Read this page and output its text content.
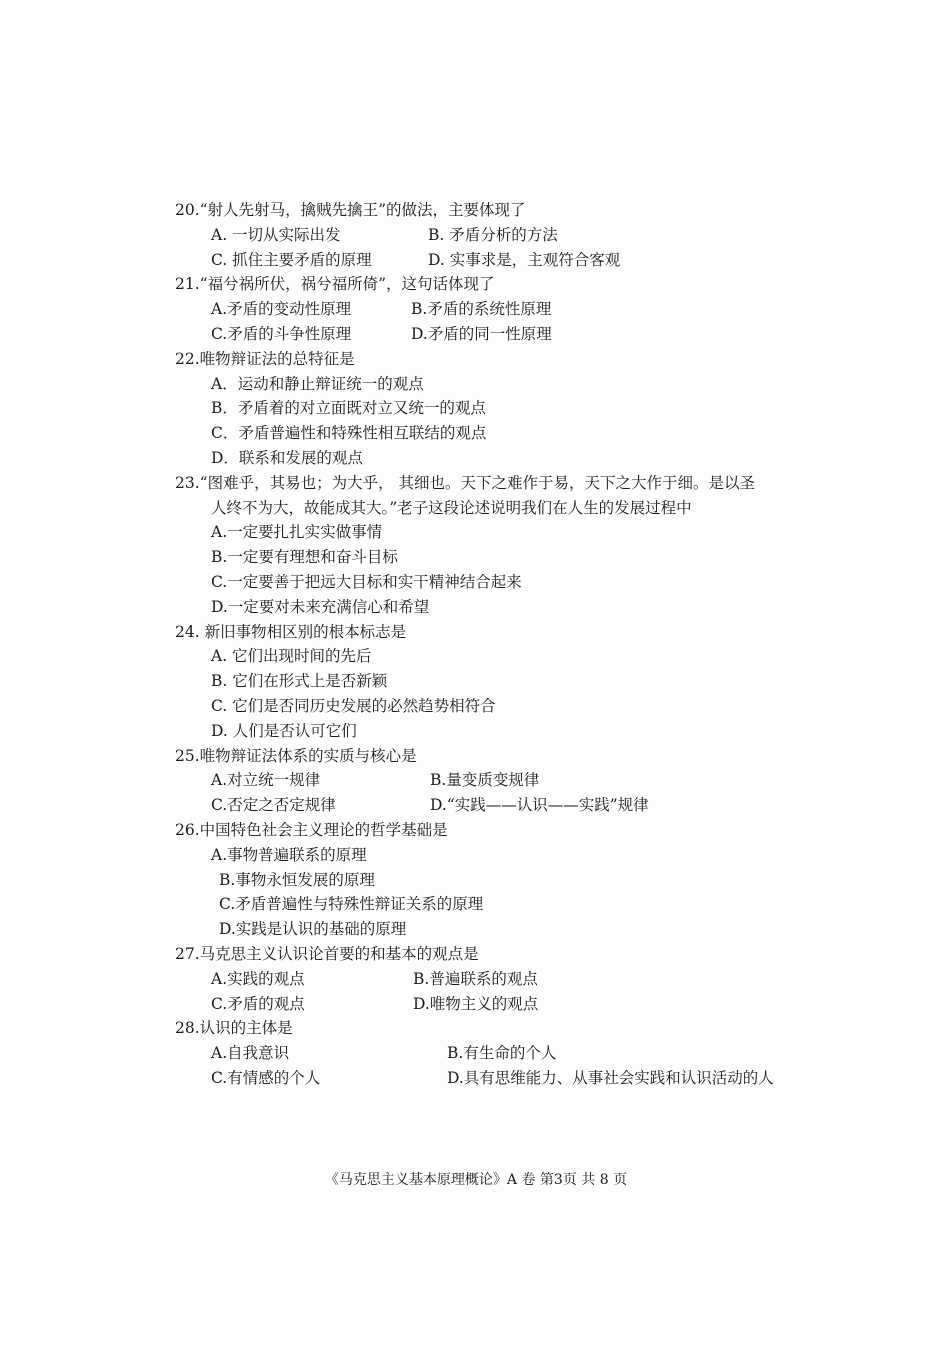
20.“射人先射马，擒贼先擒王”的做法，主要体现了
A. 一切从实际出发	B. 矛盾分析的方法
C. 抓住主要矛盾的原理	D. 实事求是，主观符合客观
21.“福兮祸所伏，祸兮福所倚”，这句话体现了
A.矛盾的变动性原理	B.矛盾的系统性原理
C.矛盾的斗争性原理	D.矛盾的同一性原理
22.唯物辩证法的总特征是
A．运动和静止辩证统一的观点
B．矛盾着的对立面既对立又统一的观点
C．矛盾普遍性和特殊性相互联结的观点
D．联系和发展的观点
23.“图难乎，其易也；为大乎， 其细也。天下之难作于易，天下之大作于细。是以圣
人终不为大，故能成其大。”老子这段论述说明我们在人生的发展过程中
A.一定要扎扎实实做事情
B.一定要有理想和奋斗目标
C.一定要善于把远大目标和实干精神结合起来
D.一定要对未来充满信心和希望
24. 新旧事物相区别的根本标志是
A. 它们出现时间的先后
B. 它们在形式上是否新颖
C. 它们是否同历史发展的必然趋势相符合
D. 人们是否认可它们
25.唯物辩证法体系的实质与核心是
A.对立统一规律	B.量变质变规律
C.否定之否定规律	D.“实践——认识——实践”规律
26.中国特色社会主义理论的哲学基础是
A.事物普遍联系的原理
B.事物永恒发展的原理
C.矛盾普遍性与特殊性辩证关系的原理
D.实践是认识的基础的原理
27.马克思主义认识论首要的和基本的观点是
A.实践的观点	B.普遍联系的观点
C.矛盾的观点	D.唯物主义的观点
28.认识的主体是
A.自我意识	B.有生命的个人
C.有情感的个人	D.具有思维能力、从事社会实践和认识活动的人
《马克思主义基本原理概论》A 卷 第3页 共 8 页
